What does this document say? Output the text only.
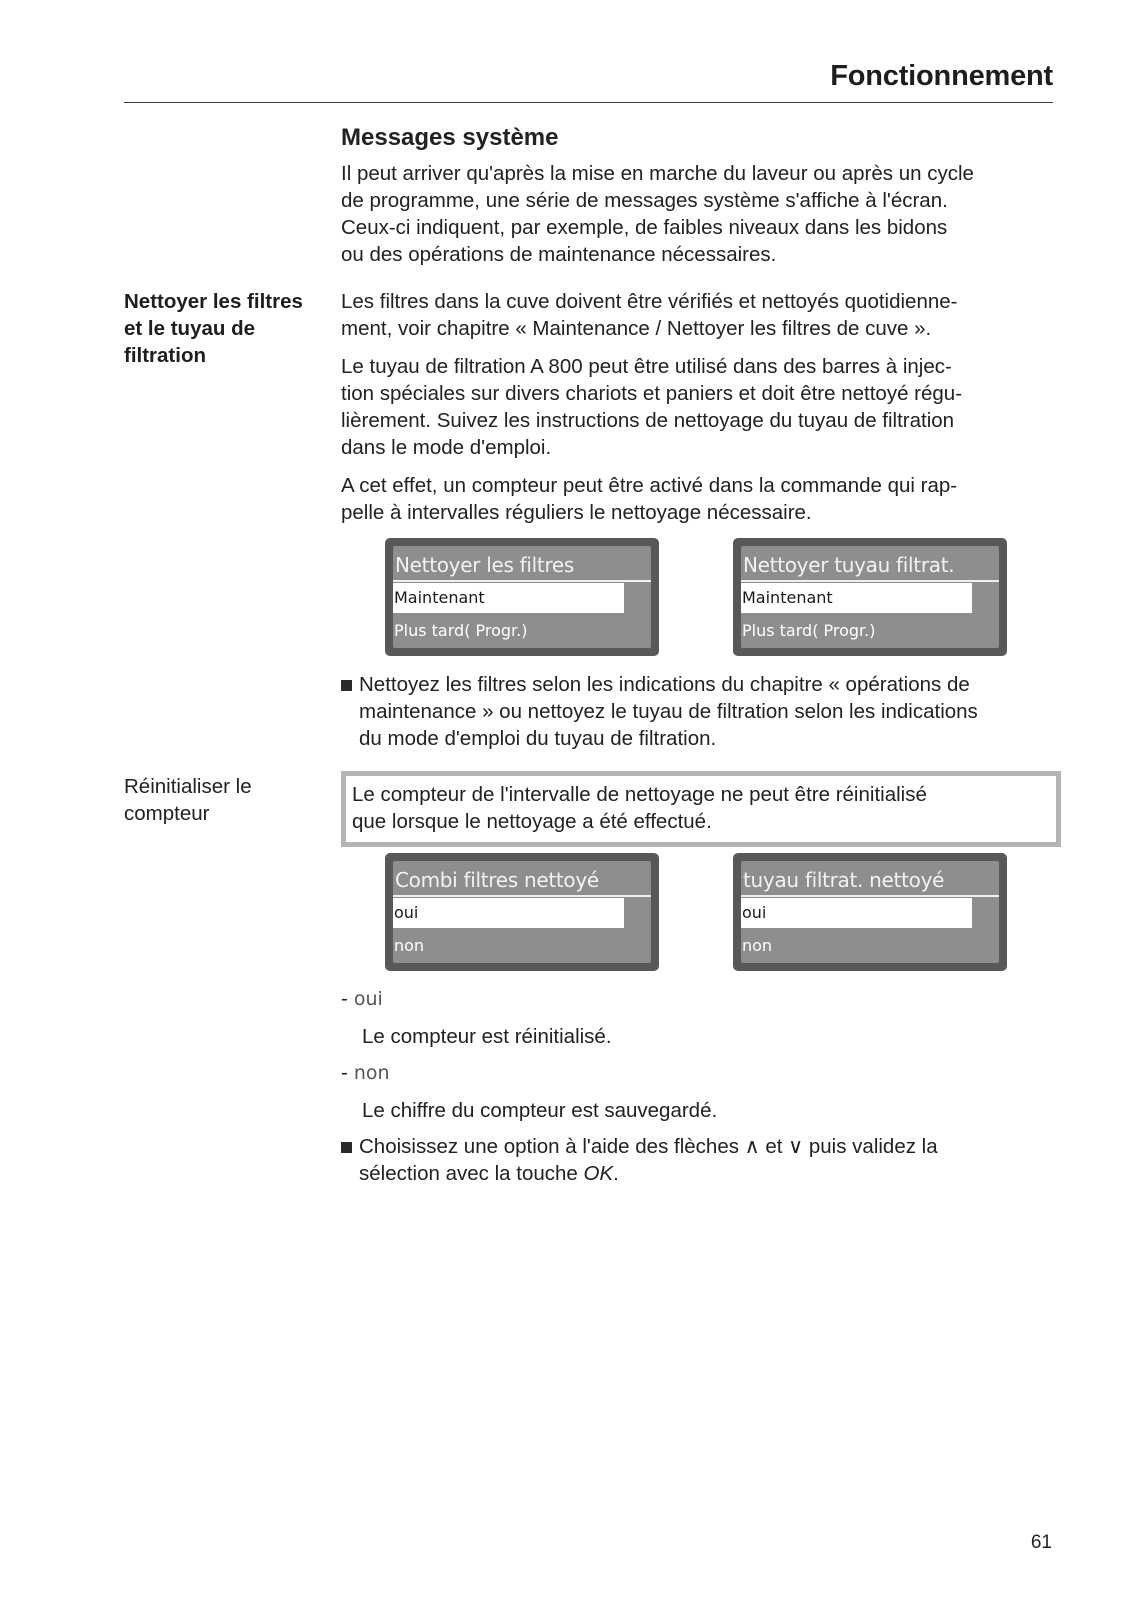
Fonctionnement
Messages système
Il peut arriver qu'après la mise en marche du laveur ou après un cycle
de programme, une série de messages système s'affiche à l'écran.
Ceux-ci indiquent, par exemple, de faibles niveaux dans les bidons
ou des opérations de maintenance nécessaires.
Nettoyer les filtres
et le tuyau de
filtration
Les filtres dans la cuve doivent être vérifiés et nettoyés quotidienne-
ment, voir chapitre « Maintenance / Nettoyer les filtres de cuve ».
Le tuyau de filtration A 800 peut être utilisé dans des barres à injec-
tion spéciales sur divers chariots et paniers et doit être nettoyé régu-
lièrement. Suivez les instructions de nettoyage du tuyau de filtration
dans le mode d'emploi.
A cet effet, un compteur peut être activé dans la commande qui rap-
pelle à intervalles réguliers le nettoyage nécessaire.
Nettoyer les filtres
Maintenant
Plus tard( Progr.)
Nettoyer tuyau filtrat.
Maintenant
Plus tard( Progr.)
Nettoyez les filtres selon les indications du chapitre « opérations de
maintenance » ou nettoyez le tuyau de filtration selon les indications
du mode d'emploi du tuyau de filtration.
Réinitialiser le
compteur
Le compteur de l'intervalle de nettoyage ne peut être réinitialisé
que lorsque le nettoyage a été effectué.
Combi filtres nettoyé
oui
non
tuyau filtrat. nettoyé
oui
non
- oui
Le compteur est réinitialisé.
- non
Le chiffre du compteur est sauvegardé.
Choisissez une option à l'aide des flèches ∧ et ∨ puis validez la
sélection avec la touche OK.
61
